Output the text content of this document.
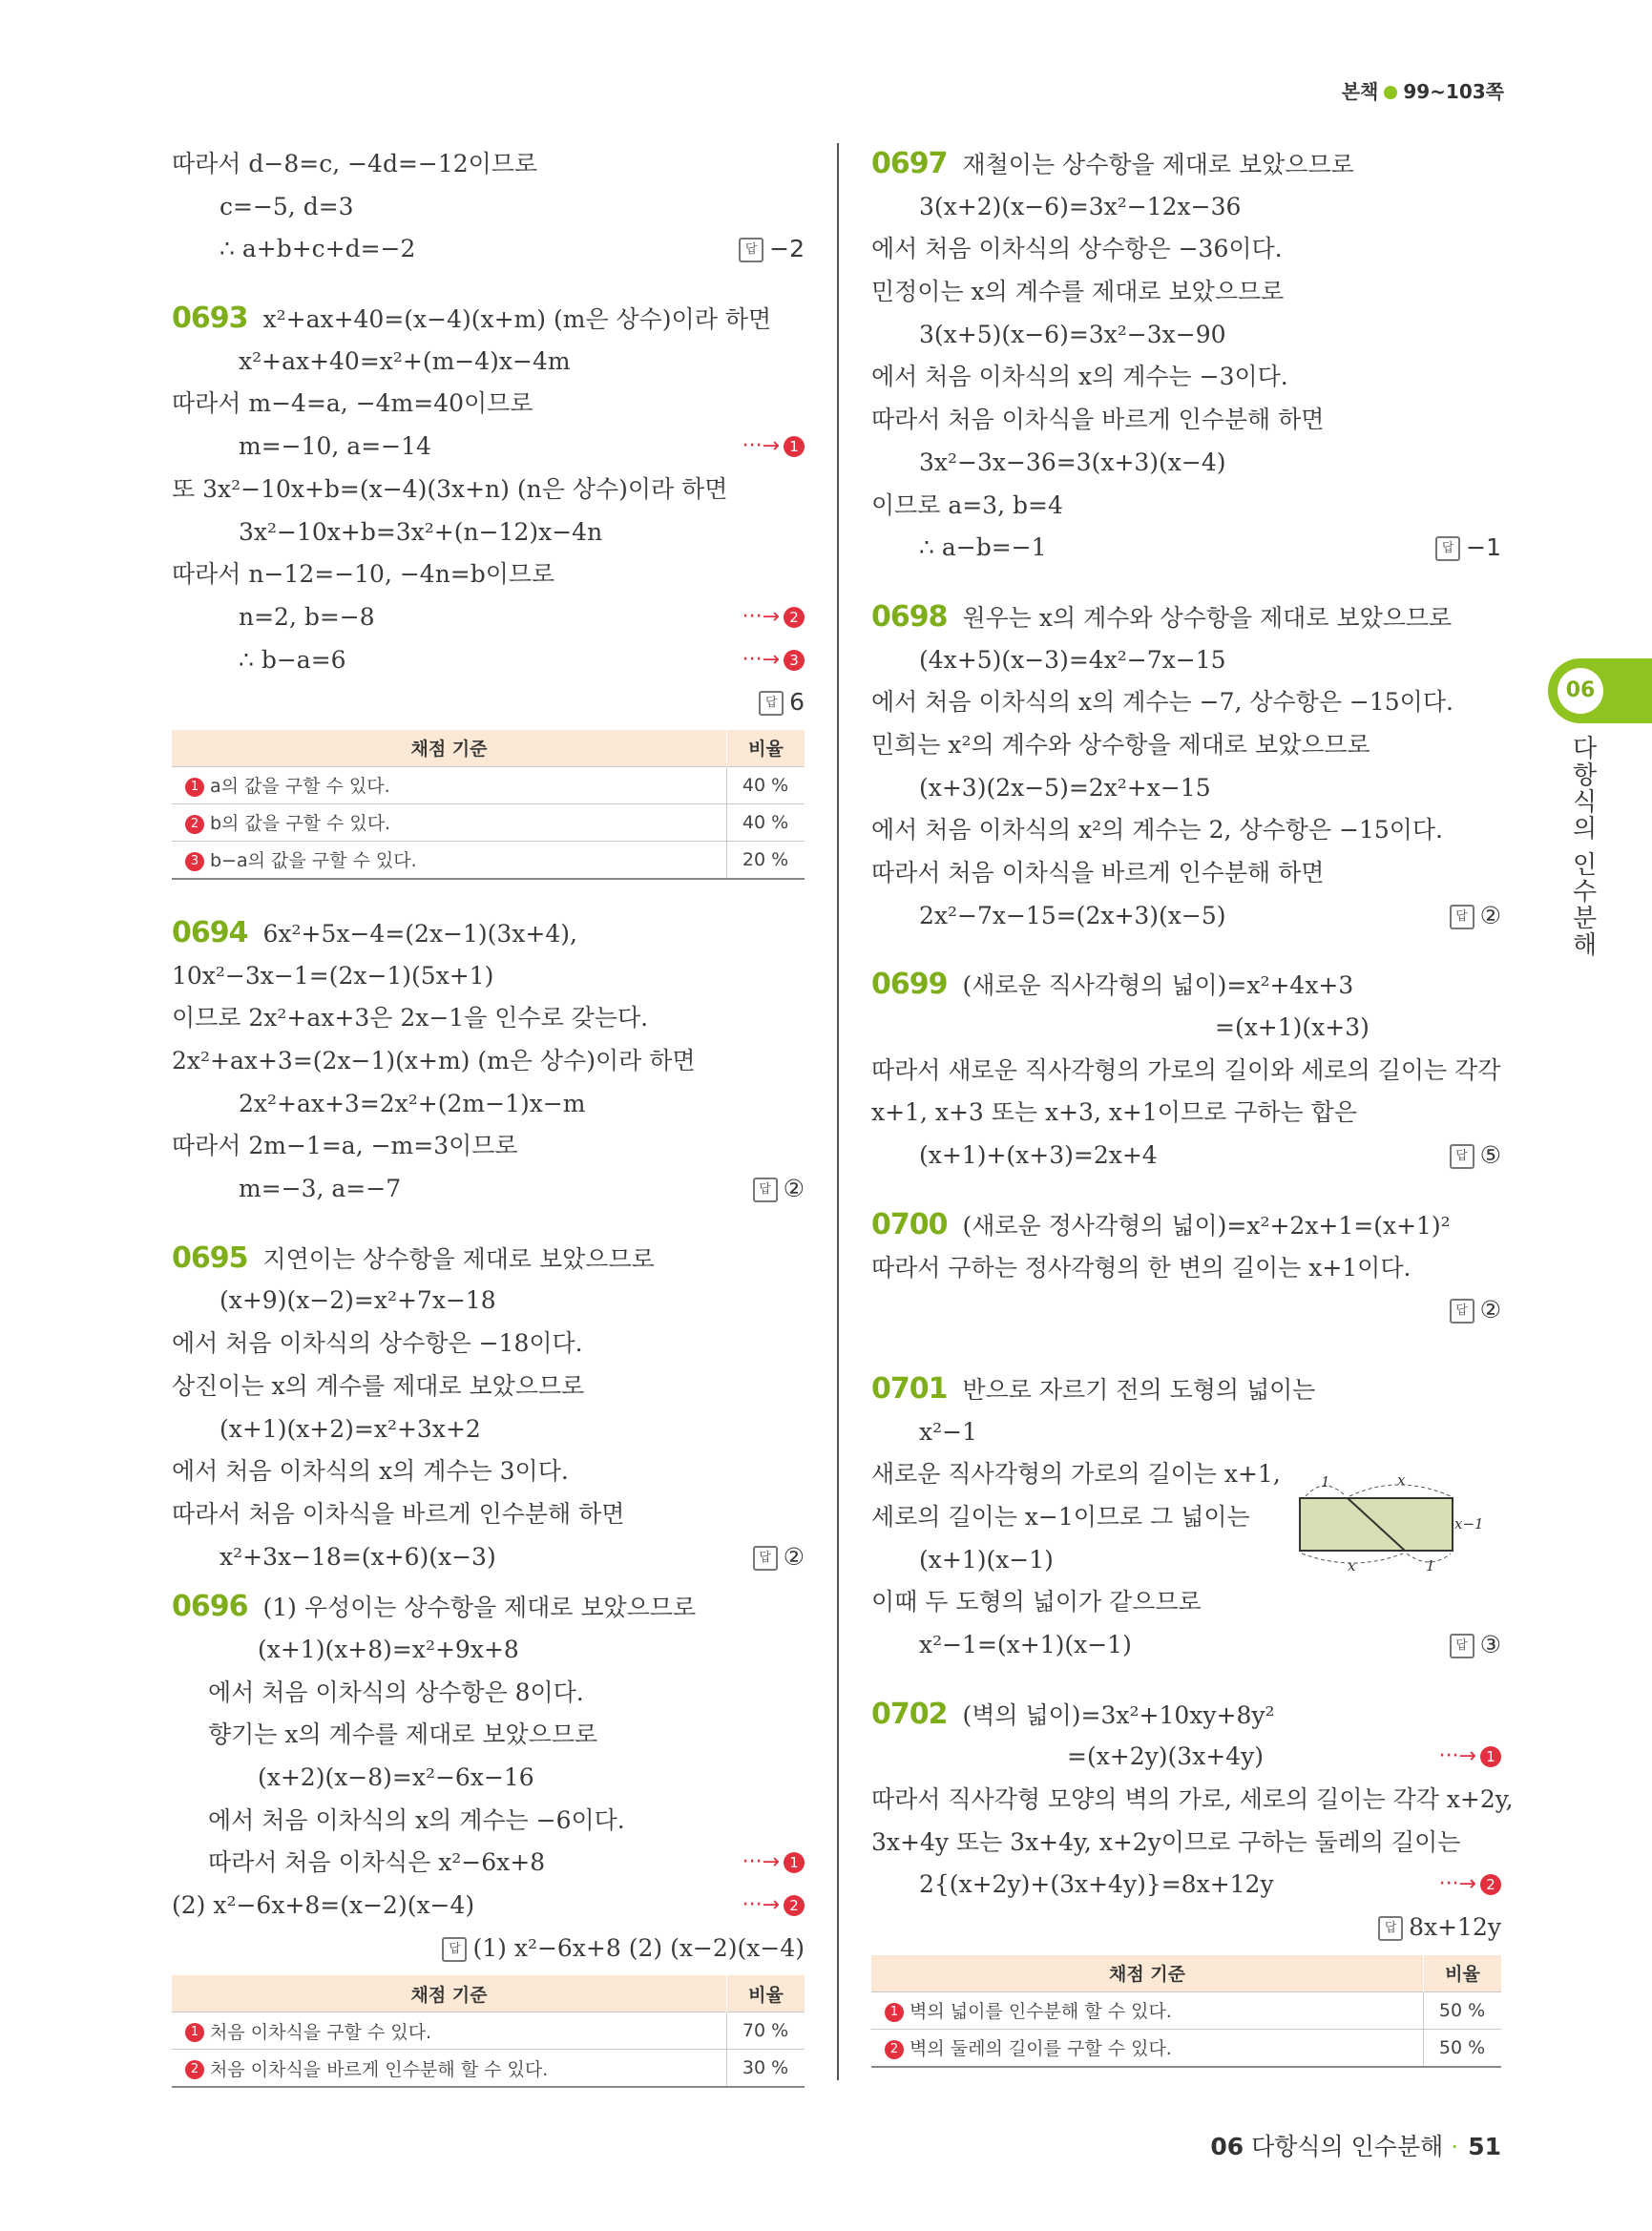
본책 99~103쪽
따라서 d−8=c, −4d=−12이므로
c=−5, d=3
∴ a+b+c+d=−2	답 −2
0693 x²+ax+40=(x−4)(x+m) (m은 상수)이라 하면
x²+ax+40=x²+(m−4)x−4m
따라서 m−4=a, −4m=40이므로
m=−10, a=−14	···→ 1
또 3x²−10x+b=(x−4)(3x+n) (n은 상수)이라 하면
3x²−10x+b=3x²+(n−12)x−4n
따라서 n−12=−10, −4n=b이므로
n=2, b=−8	···→ 2
∴ b−a=6	···→ 3
답 6
채점 기준	비율
1 a의 값을 구할 수 있다.	40 %
2 b의 값을 구할 수 있다.	40 %
3 b−a의 값을 구할 수 있다.	20 %
0694 6x²+5x−4=(2x−1)(3x+4),
10x²−3x−1=(2x−1)(5x+1)
이므로 2x²+ax+3은 2x−1을 인수로 갖는다.
2x²+ax+3=(2x−1)(x+m) (m은 상수)이라 하면
2x²+ax+3=2x²+(2m−1)x−m
따라서 2m−1=a, −m=3이므로
m=−3, a=−7	답 ②
0695 지연이는 상수항을 제대로 보았으므로
(x+9)(x−2)=x²+7x−18
에서 처음 이차식의 상수항은 −18이다.
상진이는 x의 계수를 제대로 보았으므로
(x+1)(x+2)=x²+3x+2
에서 처음 이차식의 x의 계수는 3이다.
따라서 처음 이차식을 바르게 인수분해 하면
x²+3x−18=(x+6)(x−3)	답 ②
0696 (1) 우성이는 상수항을 제대로 보았으므로
(x+1)(x+8)=x²+9x+8
에서 처음 이차식의 상수항은 8이다.
향기는 x의 계수를 제대로 보았으므로
(x+2)(x−8)=x²−6x−16
에서 처음 이차식의 x의 계수는 −6이다.
따라서 처음 이차식은 x²−6x+8	···→ 1
(2) x²−6x+8=(x−2)(x−4)	···→ 2
답 (1) x²−6x+8 (2) (x−2)(x−4)
채점 기준	비율
1 처음 이차식을 구할 수 있다.	70 %
2 처음 이차식을 바르게 인수분해 할 수 있다.	30 %
0697 재철이는 상수항을 제대로 보았으므로
3(x+2)(x−6)=3x²−12x−36
에서 처음 이차식의 상수항은 −36이다.
민정이는 x의 계수를 제대로 보았으므로
3(x+5)(x−6)=3x²−3x−90
에서 처음 이차식의 x의 계수는 −3이다.
따라서 처음 이차식을 바르게 인수분해 하면
3x²−3x−36=3(x+3)(x−4)
이므로 a=3, b=4
∴ a−b=−1	답 −1
0698 원우는 x의 계수와 상수항을 제대로 보았으므로
(4x+5)(x−3)=4x²−7x−15
에서 처음 이차식의 x의 계수는 −7, 상수항은 −15이다.
민희는 x²의 계수와 상수항을 제대로 보았으므로
(x+3)(2x−5)=2x²+x−15
에서 처음 이차식의 x²의 계수는 2, 상수항은 −15이다.
따라서 처음 이차식을 바르게 인수분해 하면
2x²−7x−15=(2x+3)(x−5)	답 ②
0699 (새로운 직사각형의 넓이)=x²+4x+3
=(x+1)(x+3)
따라서 새로운 직사각형의 가로의 길이와 세로의 길이는 각각
x+1, x+3 또는 x+3, x+1이므로 구하는 합은
(x+1)+(x+3)=2x+4	답 ⑤
0700 (새로운 정사각형의 넓이)=x²+2x+1=(x+1)²
따라서 구하는 정사각형의 한 변의 길이는 x+1이다.
답 ②
0701 반으로 자르기 전의 도형의 넓이는
x²−1
새로운 직사각형의 가로의 길이는 x+1,
세로의 길이는 x−1이므로 그 넓이는
(x+1)(x−1)
이때 두 도형의 넓이가 같으므로
x²−1=(x+1)(x−1)	답 ③
0702 (벽의 넓이)=3x²+10xy+8y²
=(x+2y)(3x+4y)	···→ 1
따라서 직사각형 모양의 벽의 가로, 세로의 길이는 각각 x+2y,
3x+4y 또는 3x+4y, x+2y이므로 구하는 둘레의 길이는
2{(x+2y)+(3x+4y)}=8x+12y	···→ 2
답 8x+12y
채점 기준	비율
1 벽의 넓이를 인수분해 할 수 있다.	50 %
2 벽의 둘레의 길이를 구할 수 있다.	50 %
1	x
x	1
x−1
06
다항식의 인수분해
06 다항식의 인수분해 · 51
